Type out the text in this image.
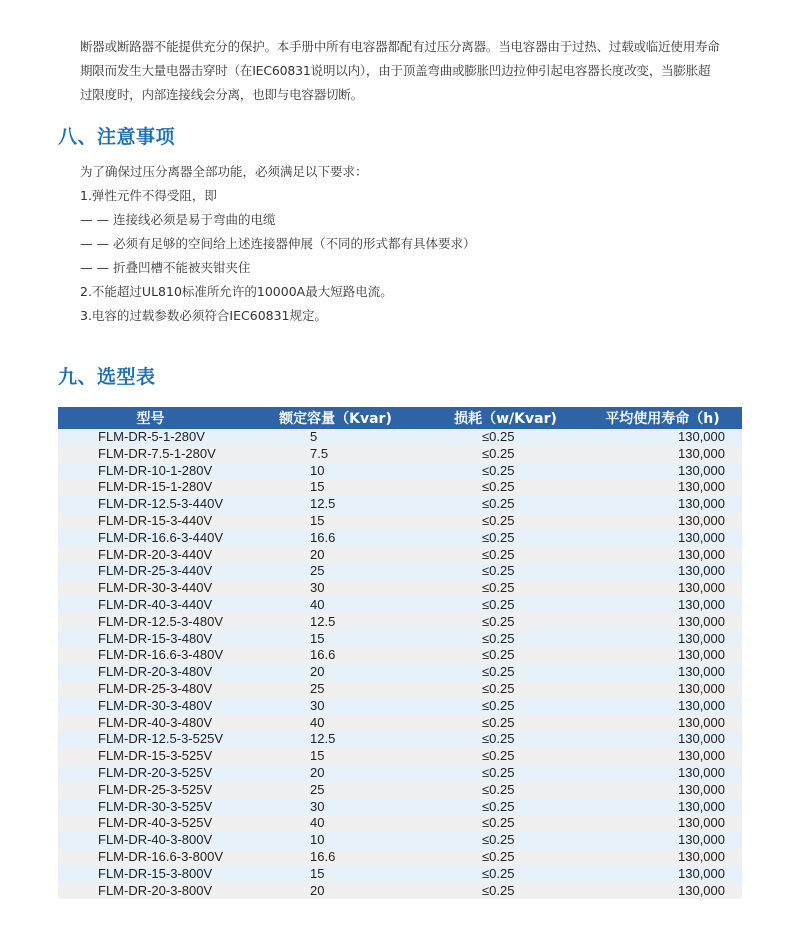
断器或断路器不能提供充分的保护。本手册中所有电容器都配有过压分离器。当电容器由于过热、过载或临近使用寿命期限而发生大量电器击穿时（在IEC60831说明以内），由于顶盖弯曲或膨胀凹边拉伸引起电容器长度改变，当膨胀超过限度时，内部连接线会分离，也即与电容器切断。

八、注意事项
为了确保过压分离器全部功能，必须满足以下要求：
1.弹性元件不得受阻，即
— — 连接线必须是易于弯曲的电缆
— — 必须有足够的空间给上述连接器伸展（不同的形式都有具体要求）
— — 折叠凹槽不能被夹钳夹住
2.不能超过UL810标准所允许的10000A最大短路电流。
3.电容的过载参数必须符合IEC60831规定。
九、选型表
型号	额定容量（Kvar)	损耗（w/Kvar)	平均使用寿命（h)
FLM-DR-5-1-280V	5	≤0.25	130,000
FLM-DR-7.5-1-280V	7.5	≤0.25	130,000
FLM-DR-10-1-280V	10	≤0.25	130,000
FLM-DR-15-1-280V	15	≤0.25	130,000
FLM-DR-12.5-3-440V	12.5	≤0.25	130,000
FLM-DR-15-3-440V	15	≤0.25	130,000
FLM-DR-16.6-3-440V	16.6	≤0.25	130,000
FLM-DR-20-3-440V	20	≤0.25	130,000
FLM-DR-25-3-440V	25	≤0.25	130,000
FLM-DR-30-3-440V	30	≤0.25	130,000
FLM-DR-40-3-440V	40	≤0.25	130,000
FLM-DR-12.5-3-480V	12.5	≤0.25	130,000
FLM-DR-15-3-480V	15	≤0.25	130,000
FLM-DR-16.6-3-480V	16.6	≤0.25	130,000
FLM-DR-20-3-480V	20	≤0.25	130,000
FLM-DR-25-3-480V	25	≤0.25	130,000
FLM-DR-30-3-480V	30	≤0.25	130,000
FLM-DR-40-3-480V	40	≤0.25	130,000
FLM-DR-12.5-3-525V	12.5	≤0.25	130,000
FLM-DR-15-3-525V	15	≤0.25	130,000
FLM-DR-20-3-525V	20	≤0.25	130,000
FLM-DR-25-3-525V	25	≤0.25	130,000
FLM-DR-30-3-525V	30	≤0.25	130,000
FLM-DR-40-3-525V	40	≤0.25	130,000
FLM-DR-40-3-800V	10	≤0.25	130,000
FLM-DR-16.6-3-800V	16.6	≤0.25	130,000
FLM-DR-15-3-800V	15	≤0.25	130,000
FLM-DR-20-3-800V	20	≤0.25	130,000
